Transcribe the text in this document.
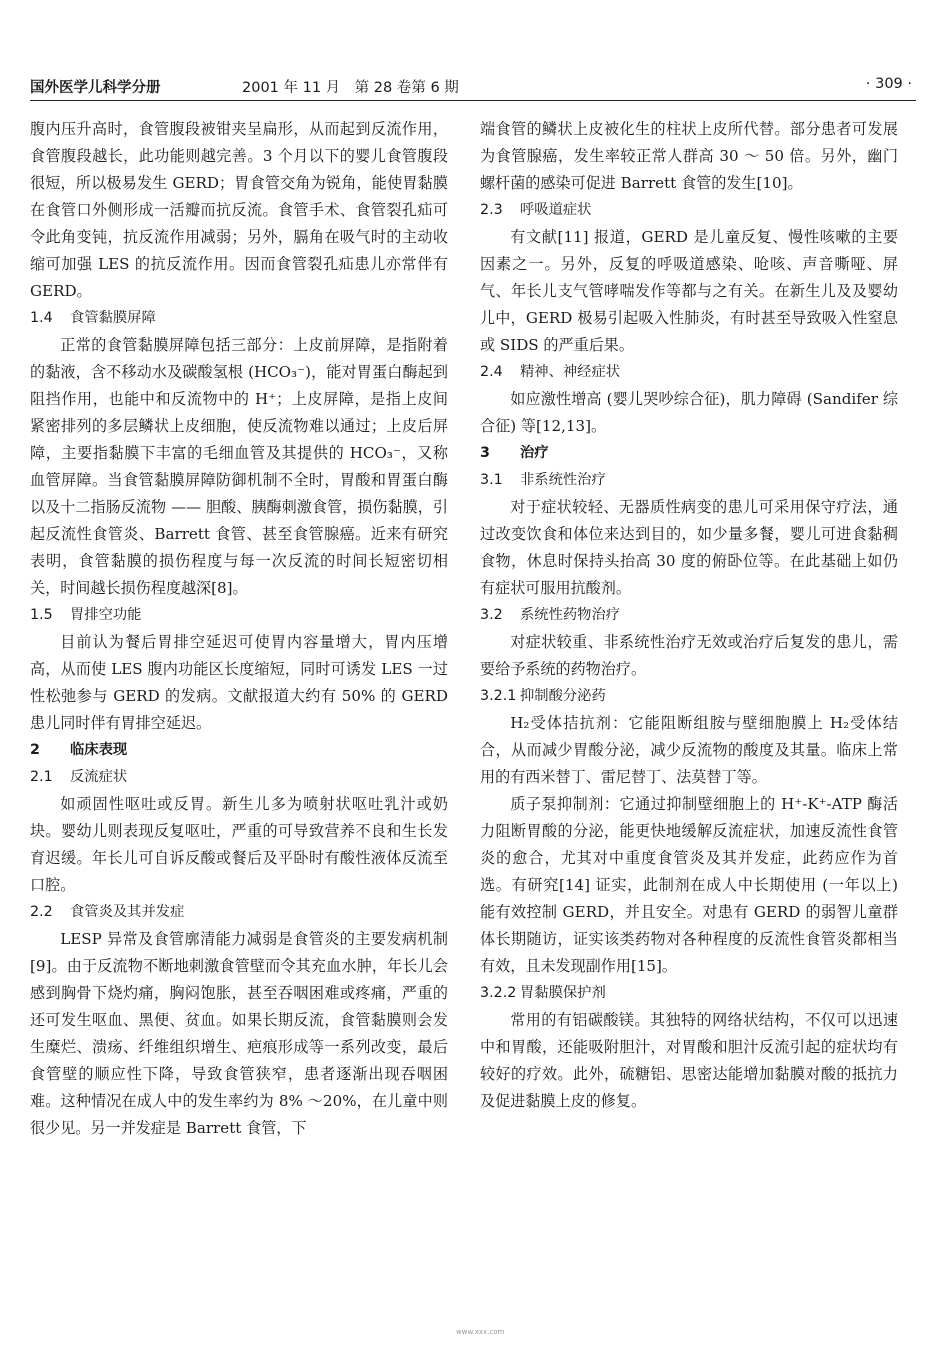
国外医学儿科学分册	2001 年 11 月　第 28 卷第 6 期	· 309 ·

腹内压升高时，食管腹段被钳夹呈扁形，从而起到反流作用，食管腹段越长，此功能则越完善。3 个月以下的婴儿食管腹段很短，所以极易发生 GERD；胃食管交角为锐角，能使胃黏膜在食管口外侧形成一活瓣而抗反流。食管手术、食管裂孔疝可令此角变钝，抗反流作用减弱；另外，膈角在吸气时的主动收缩可加强 LES 的抗反流作用。因而食管裂孔疝患儿亦常伴有 GERD。

1.4 食管黏膜屏障

正常的食管黏膜屏障包括三部分：上皮前屏障，是指附着的黏液，含不移动水及碳酸氢根 (HCO₃⁻)，能对胃蛋白酶起到阻挡作用，也能中和反流物中的 H⁺；上皮屏障，是指上皮间紧密排列的多层鳞状上皮细胞，使反流物难以通过；上皮后屏障，主要指黏膜下丰富的毛细血管及其提供的 HCO₃⁻，又称血管屏障。当食管黏膜屏障防御机制不全时，胃酸和胃蛋白酶以及十二指肠反流物 —— 胆酸、胰酶刺激食管，损伤黏膜，引起反流性食管炎、Barrett 食管、甚至食管腺癌。近来有研究表明，食管黏膜的损伤程度与每一次反流的时间长短密切相关，时间越长损伤程度越深[8]。

1.5 胃排空功能

目前认为餐后胃排空延迟可使胃内容量增大，胃内压增高，从而使 LES 腹内功能区长度缩短，同时可诱发 LES 一过性松弛参与 GERD 的发病。文献报道大约有 50% 的 GERD 患儿同时伴有胃排空延迟。

2 临床表现
2.1 反流症状

如顽固性呕吐或反胃。新生儿多为喷射状呕吐乳汁或奶块。婴幼儿则表现反复呕吐，严重的可导致营养不良和生长发育迟缓。年长儿可自诉反酸或餐后及平卧时有酸性液体反流至口腔。

2.2 食管炎及其并发症

LESP 异常及食管廓清能力减弱是食管炎的主要发病机制[9]。由于反流物不断地刺激食管壁而令其充血水肿，年长儿会感到胸骨下烧灼痛，胸闷饱胀，甚至吞咽困难或疼痛，严重的还可发生呕血、黑便、贫血。如果长期反流，食管黏膜则会发生糜烂、溃疡、纤维组织增生、疤痕形成等一系列改变，最后食管壁的顺应性下降，导致食管狭窄，患者逐渐出现吞咽困难。这种情况在成人中的发生率约为 8% ～20%，在儿童中则很少见。另一并发症是 Barrett 食管，下

端食管的鳞状上皮被化生的柱状上皮所代替。部分患者可发展为食管腺癌，发生率较正常人群高 30 ～ 50 倍。另外，幽门螺杆菌的感染可促进 Barrett 食管的发生[10]。

2.3 呼吸道症状

有文献[11] 报道，GERD 是儿童反复、慢性咳嗽的主要因素之一。另外，反复的呼吸道感染、呛咳、声音嘶哑、屏气、年长儿支气管哮喘发作等都与之有关。在新生儿及及婴幼儿中，GERD 极易引起吸入性肺炎，有时甚至导致吸入性窒息或 SIDS 的严重后果。

2.4 精神、神经症状

如应激性增高 (婴儿哭吵综合征)，肌力障碍 (Sandifer 综合征) 等[12,13]。

3 治疗
3.1 非系统性治疗

对于症状较轻、无器质性病变的患儿可采用保守疗法，通过改变饮食和体位来达到目的，如少量多餐，婴儿可进食黏稠食物，休息时保持头抬高 30 度的俯卧位等。在此基础上如仍有症状可服用抗酸剂。

3.2 系统性药物治疗

对症状较重、非系统性治疗无效或治疗后复发的患儿，需要给予系统的药物治疗。

3.2.1 抑制酸分泌药

H₂受体拮抗剂：它能阻断组胺与壁细胞膜上 H₂受体结合，从而减少胃酸分泌，减少反流物的酸度及其量。临床上常用的有西米替丁、雷尼替丁、法莫替丁等。

质子泵抑制剂：它通过抑制壁细胞上的 H⁺-K⁺-ATP 酶活力阻断胃酸的分泌，能更快地缓解反流症状，加速反流性食管炎的愈合，尤其对中重度食管炎及其并发症，此药应作为首选。有研究[14] 证实，此制剂在成人中长期使用 (一年以上) 能有效控制 GERD，并且安全。对患有 GERD 的弱智儿童群体长期随访，证实该类药物对各种程度的反流性食管炎都相当有效，且未发现副作用[15]。

3.2.2 胃黏膜保护剂

常用的有铝碳酸镁。其独特的网络状结构，不仅可以迅速中和胃酸，还能吸附胆汁，对胃酸和胆汁反流引起的症状均有较好的疗效。此外，硫糖铝、思密达能增加黏膜对酸的抵抗力及促进黏膜上皮的修复。

www.xxx.com
